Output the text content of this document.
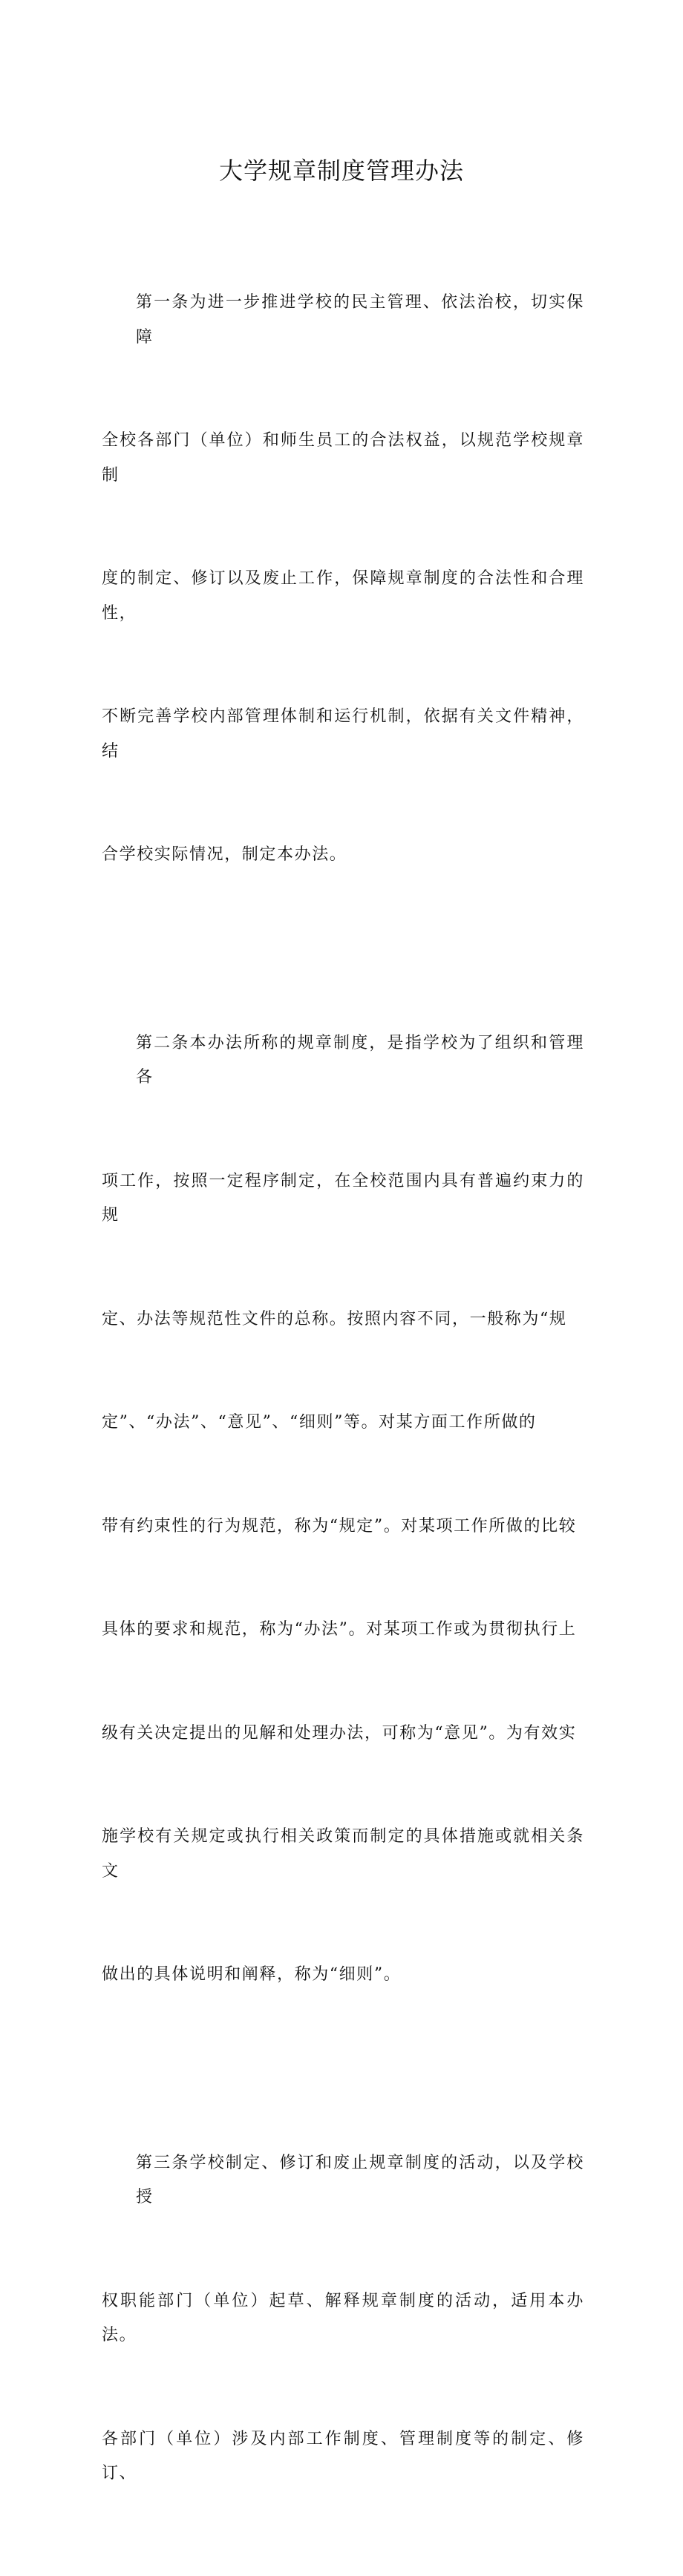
大学规章制度管理办法

第一条为进一步推进学校的民主管理、依法治校，切实保障

全校各部门（单位）和师生员工的合法权益，以规范学校规章制

度的制定、修订以及废止工作，保障规章制度的合法性和合理性，

不断完善学校内部管理体制和运行机制，依据有关文件精神，结

合学校实际情况，制定本办法。

第二条本办法所称的规章制度，是指学校为了组织和管理各

项工作，按照一定程序制定，在全校范围内具有普遍约束力的规

定、办法等规范性文件的总称。按照内容不同，一般称为“规

定”、“办法”、“意见”、“细则”等。对某方面工作所做的

带有约束性的行为规范，称为“规定”。对某项工作所做的比较

具体的要求和规范，称为“办法”。对某项工作或为贯彻执行上

级有关决定提出的见解和处理办法，可称为“意见”。为有效实

施学校有关规定或执行相关政策而制定的具体措施或就相关条文

做出的具体说明和阐释，称为“细则”。

第三条学校制定、修订和废止规章制度的活动，以及学校授

权职能部门（单位）起草、解释规章制度的活动，适用本办法。

各部门（单位）涉及内部工作制度、管理制度等的制定、修订、
